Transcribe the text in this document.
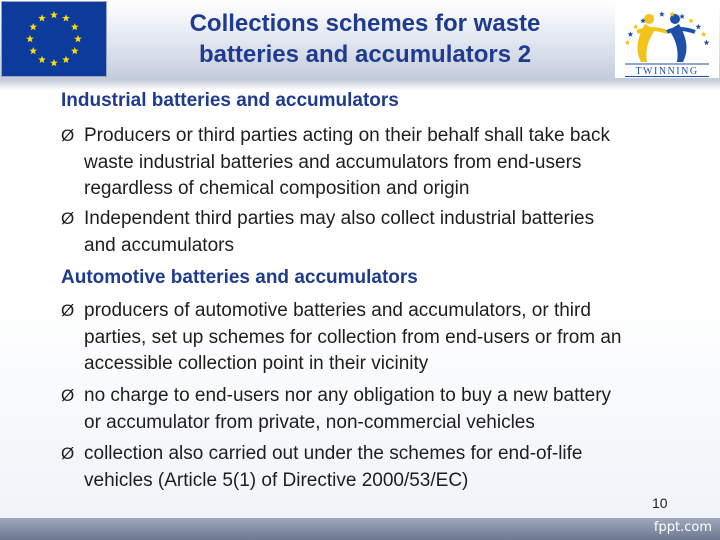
Collections schemes for waste
batteries and accumulators 2
TWINNING
Industrial batteries and accumulators
Ø Producers or third parties acting on their behalf shall take back
waste industrial batteries and accumulators from end-users
regardless of chemical composition and origin
Ø Independent third parties may also collect industrial batteries
and accumulators
Automotive batteries and accumulators
Ø producers of automotive batteries and accumulators, or third
parties, set up schemes for collection from end-users or from an
accessible collection point in their vicinity
Ø no charge to end-users nor any obligation to buy a new battery
or accumulator from private, non-commercial vehicles
Ø collection also carried out under the schemes for end-of-life
vehicles (Article 5(1) of Directive 2000/53/EC)
10
fppt.com
